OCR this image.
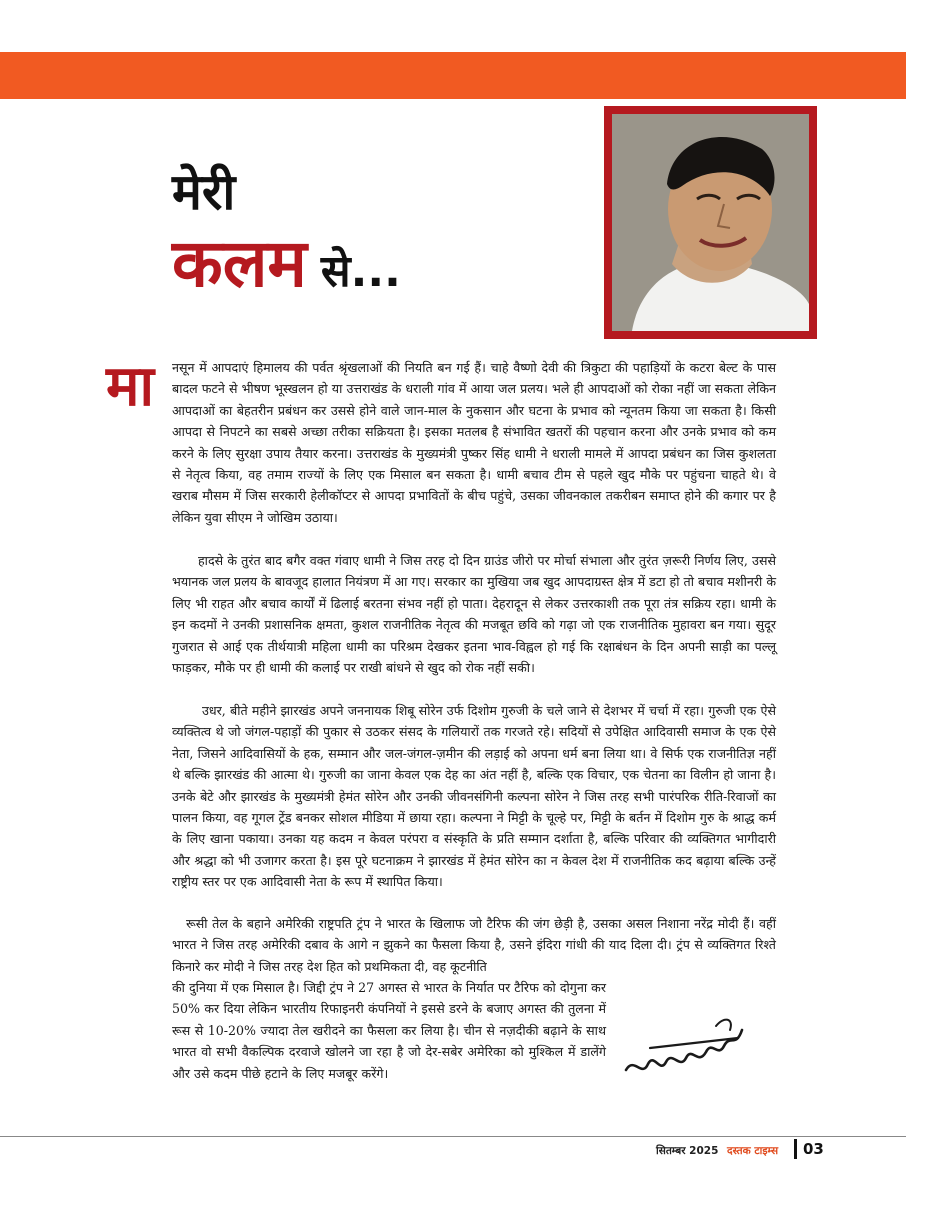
मेरी
कलम से...
मा नसून में आपदाएं हिमालय की पर्वत श्रृंखलाओं की नियति बन गई हैं। चाहे वैष्णो देवी की त्रिकुटा की पहाड़ियों के कटरा बेल्ट के पास बादल फटने से भीषण भूस्खलन हो या उत्तराखंड के धराली गांव में आया जल प्रलय। भले ही आपदाओं को रोका नहीं जा सकता लेकिन आपदाओं का बेहतरीन प्रबंधन कर उससे होने वाले जान-माल के नुकसान और घटना के प्रभाव को न्यूनतम किया जा सकता है। किसी आपदा से निपटने का सबसे अच्छा तरीका सक्रियता है। इसका मतलब है संभावित खतरों की पहचान करना और उनके प्रभाव को कम करने के लिए सुरक्षा उपाय तैयार करना। उत्तराखंड के मुख्यमंत्री पुष्कर सिंह धामी ने धराली मामले में आपदा प्रबंधन का जिस कुशलता से नेतृत्व किया, वह तमाम राज्यों के लिए एक मिसाल बन सकता है। धामी बचाव टीम से पहले खुद मौके पर पहुंचना चाहते थे। वे खराब मौसम में जिस सरकारी हेलीकॉप्टर से आपदा प्रभावितों के बीच पहुंचे, उसका जीवनकाल तकरीबन समाप्त होने की कगार पर है लेकिन युवा सीएम ने जोखिम उठाया।

हादसे के तुरंत बाद बगैर वक्त गंवाए धामी ने जिस तरह दो दिन ग्राउंड जीरो पर मोर्चा संभाला और तुरंत ज़रूरी निर्णय लिए, उससे भयानक जल प्रलय के बावजूद हालात नियंत्रण में आ गए। सरकार का मुखिया जब खुद आपदाग्रस्त क्षेत्र में डटा हो तो बचाव मशीनरी के लिए भी राहत और बचाव कार्यों में ढिलाई बरतना संभव नहीं हो पाता। देहरादून से लेकर उत्तरकाशी तक पूरा तंत्र सक्रिय रहा। धामी के इन कदमों ने उनकी प्रशासनिक क्षमता, कुशल राजनीतिक नेतृत्व की मजबूत छवि को गढ़ा जो एक राजनीतिक मुहावरा बन गया। सुदूर गुजरात से आई एक तीर्थयात्री महिला धामी का परिश्रम देखकर इतना भाव-विह्वल हो गई कि रक्षाबंधन के दिन अपनी साड़ी का पल्लू फाड़कर, मौके पर ही धामी की कलाई पर राखी बांधने से खुद को रोक नहीं सकी।

उधर, बीते महीने झारखंड अपने जननायक शिबू सोरेन उर्फ दिशोम गुरुजी के चले जाने से देशभर में चर्चा में रहा। गुरुजी एक ऐसे व्यक्तित्व थे जो जंगल-पहाड़ों की पुकार से उठकर संसद के गलियारों तक गरजते रहे। सदियों से उपेक्षित आदिवासी समाज के एक ऐसे नेता, जिसने आदिवासियों के हक, सम्मान और जल-जंगल-ज़मीन की लड़ाई को अपना धर्म बना लिया था। वे सिर्फ एक राजनीतिज्ञ नहीं थे बल्कि झारखंड की आत्मा थे। गुरुजी का जाना केवल एक देह का अंत नहीं है, बल्कि एक विचार, एक चेतना का विलीन हो जाना है। उनके बेटे और झारखंड के मुख्यमंत्री हेमंत सोरेन और उनकी जीवनसंगिनी कल्पना सोरेन ने जिस तरह सभी पारंपरिक रीति-रिवाजों का पालन किया, वह गूगल ट्रेंड बनकर सोशल मीडिया में छाया रहा। कल्पना ने मिट्टी के चूल्हे पर, मिट्टी के बर्तन में दिशोम गुरु के श्राद्ध कर्म के लिए खाना पकाया। उनका यह कदम न केवल परंपरा व संस्कृति के प्रति सम्मान दर्शाता है, बल्कि परिवार की व्यक्तिगत भागीदारी और श्रद्धा को भी उजागर करता है। इस पूरे घटनाक्रम ने झारखंड में हेमंत सोरेन का न केवल देश में राजनीतिक कद बढ़ाया बल्कि उन्हें राष्ट्रीय स्तर पर एक आदिवासी नेता के रूप में स्थापित किया।

रूसी तेल के बहाने अमेरिकी राष्ट्रपति ट्रंप ने भारत के खिलाफ जो टैरिफ की जंग छेड़ी है, उसका असल निशाना नरेंद्र मोदी हैं। वहीं भारत ने जिस तरह अमेरिकी दबाव के आगे न झुकने का फैसला किया है, उसने इंदिरा गांधी की याद दिला दी। ट्रंप से व्यक्तिगत रिश्ते किनारे कर मोदी ने जिस तरह देश हित को प्रथमिकता दी, वह कूटनीति

की दुनिया में एक मिसाल है। जिद्दी ट्रंप ने 27 अगस्त से भारत के निर्यात पर टैरिफ को दोगुना कर 50% कर दिया लेकिन भारतीय रिफाइनरी कंपनियों ने इससे डरने के बजाए अगस्त की तुलना में रूस से 10-20% ज्यादा तेल खरीदने का फैसला कर लिया है। चीन से नज़दीकी बढ़ाने के साथ भारत वो सभी वैकल्पिक दरवाजे खोलने जा रहा है जो देर-सबेर अमेरिका को मुश्किल में डालेंगे और उसे कदम पीछे हटाने के लिए मजबूर करेंगे।

सितम्बर 2025 दस्तक टाइम्स 03
